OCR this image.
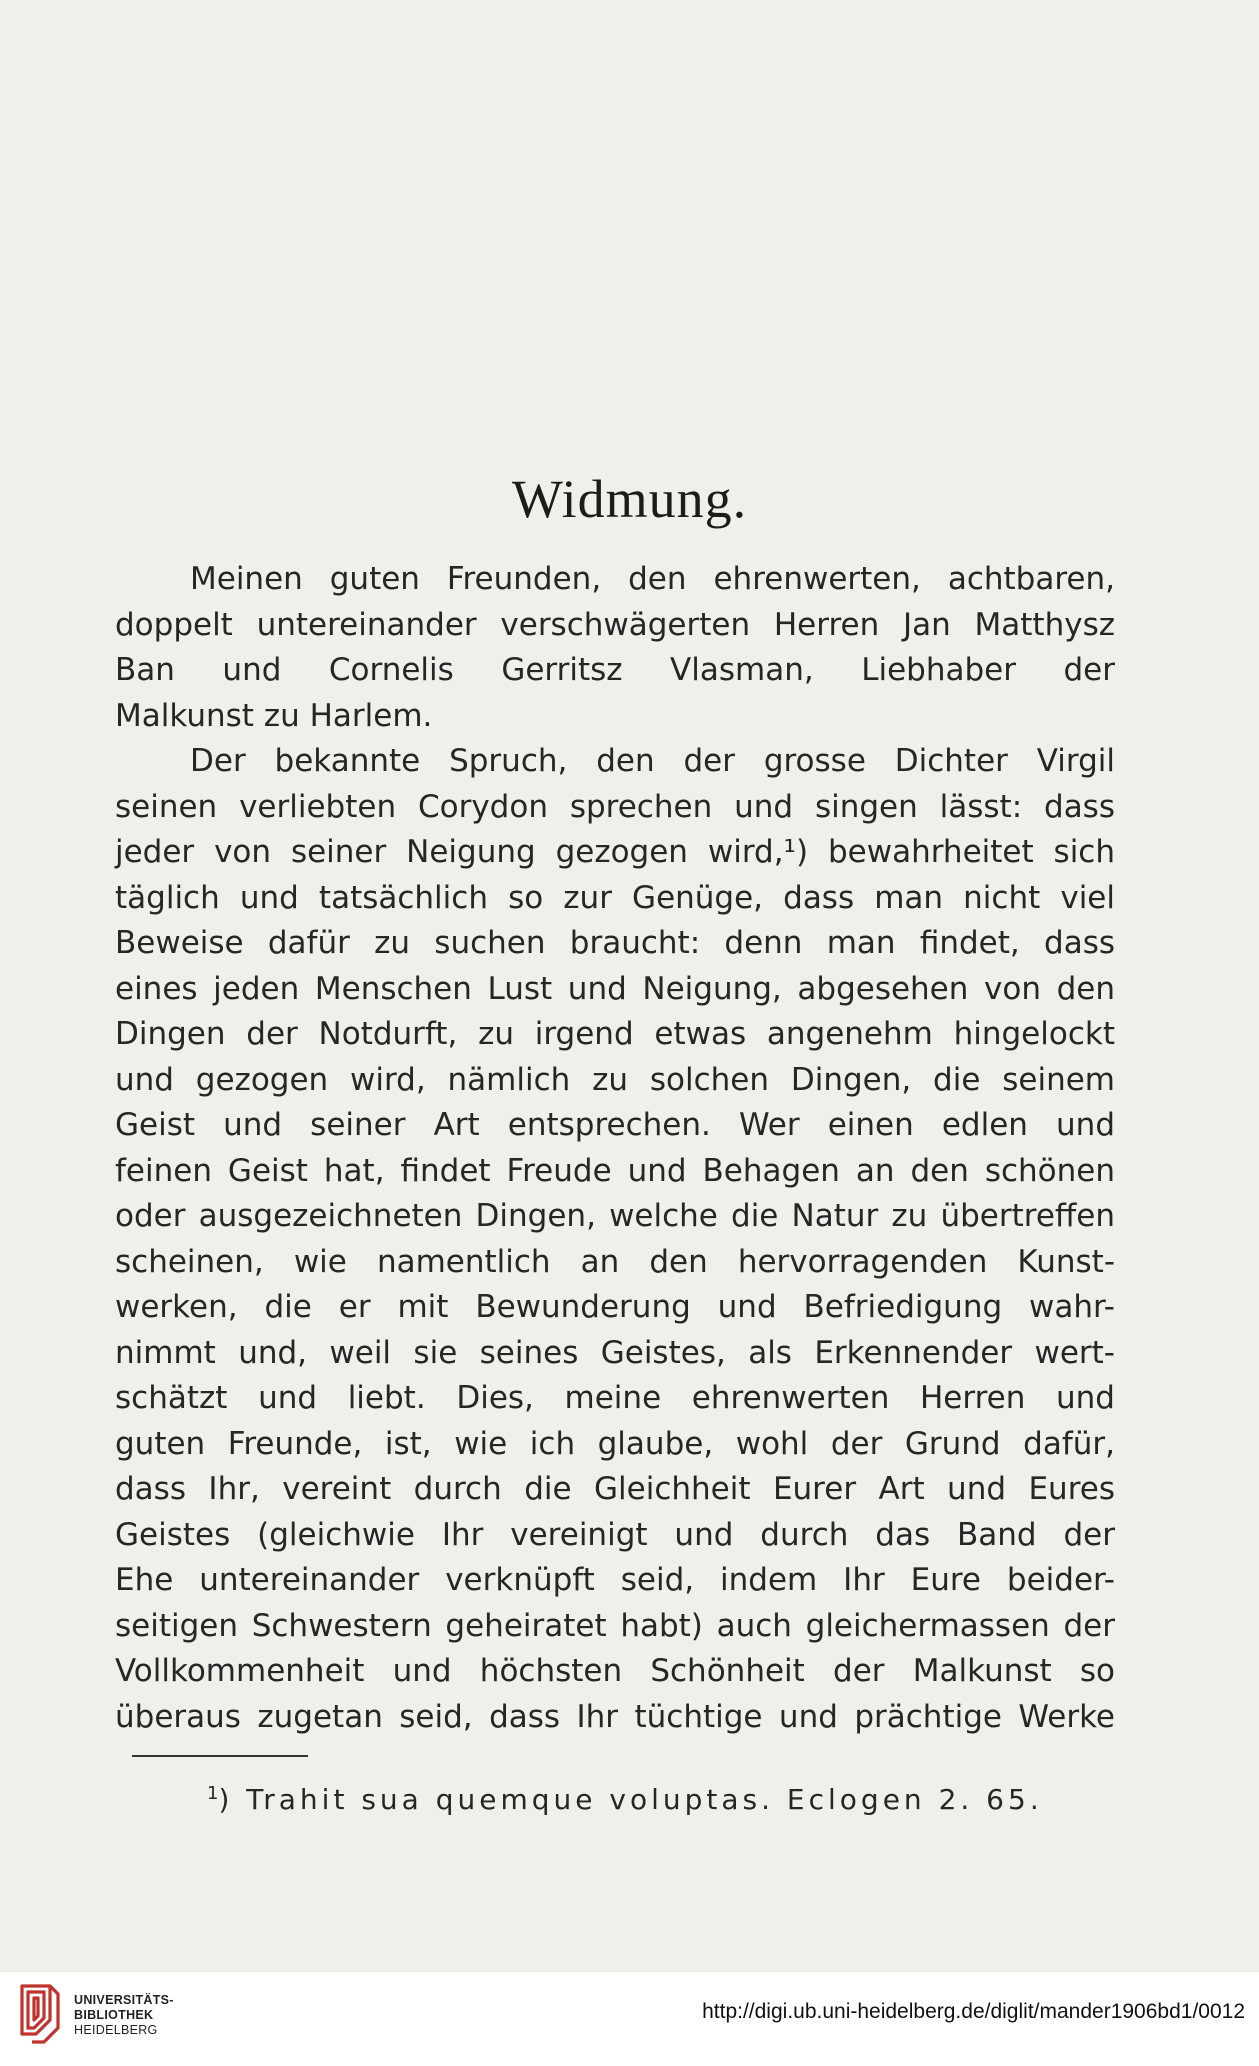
Widmung.
Meinen guten Freunden, den ehrenwerten, achtbaren,
doppelt untereinander verschwägerten Herren Jan Matthysz
Ban und Cornelis Gerritsz Vlasman, Liebhaber der
Malkunst zu Harlem.
Der bekannte Spruch, den der grosse Dichter Virgil
seinen verliebten Corydon sprechen und singen lässt: dass
jeder von seiner Neigung gezogen wird,¹) bewahrheitet sich
täglich und tatsächlich so zur Genüge, dass man nicht viel
Beweise dafür zu suchen braucht: denn man findet, dass
eines jeden Menschen Lust und Neigung, abgesehen von den
Dingen der Notdurft, zu irgend etwas angenehm hingelockt
und gezogen wird, nämlich zu solchen Dingen, die seinem
Geist und seiner Art entsprechen. Wer einen edlen und
feinen Geist hat, findet Freude und Behagen an den schönen
oder ausgezeichneten Dingen, welche die Natur zu übertreffen
scheinen, wie namentlich an den hervorragenden Kunst-
werken, die er mit Bewunderung und Befriedigung wahr-
nimmt und, weil sie seines Geistes, als Erkennender wert-
schätzt und liebt. Dies, meine ehrenwerten Herren und
guten Freunde, ist, wie ich glaube, wohl der Grund dafür,
dass Ihr, vereint durch die Gleichheit Eurer Art und Eures
Geistes (gleichwie Ihr vereinigt und durch das Band der
Ehe untereinander verknüpft seid, indem Ihr Eure beider-
seitigen Schwestern geheiratet habt) auch gleichermassen der
Vollkommenheit und höchsten Schönheit der Malkunst so
überaus zugetan seid, dass Ihr tüchtige und prächtige Werke
$^1$) Trahit sua quemque voluptas. Eclogen 2. 65.
UNIVERSITÄTS-
BIBLIOTHEK
HEIDELBERG
http://digi.ub.uni-heidelberg.de/diglit/mander1906bd1/0012
